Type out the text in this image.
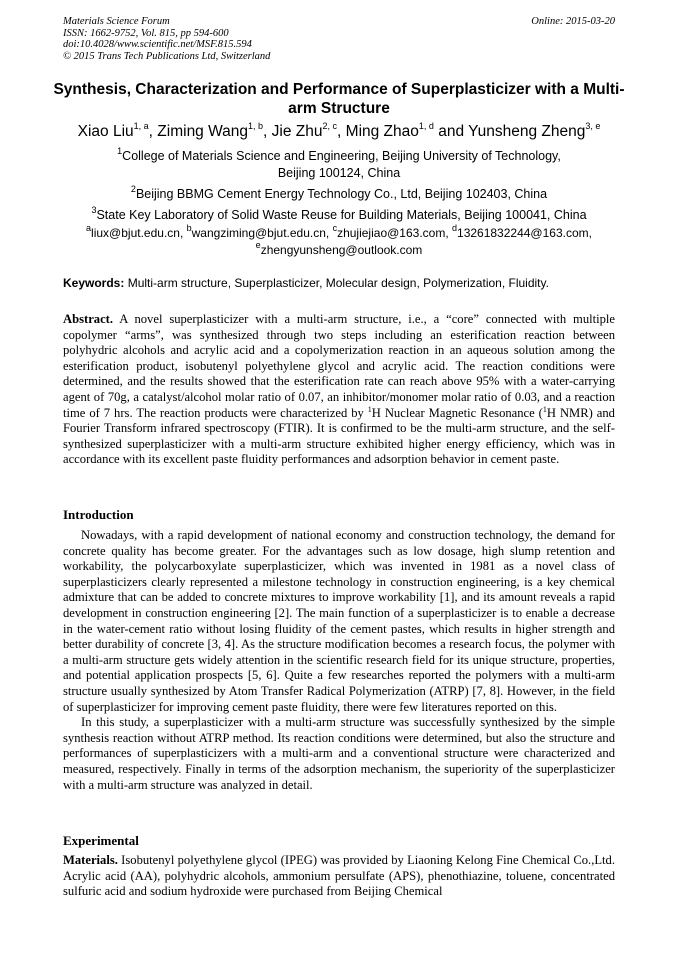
Materials Science Forum
ISSN: 1662-9752, Vol. 815, pp 594-600
doi:10.4028/www.scientific.net/MSF.815.594
© 2015 Trans Tech Publications Ltd, Switzerland
Online: 2015-03-20
Synthesis, Characterization and Performance of Superplasticizer with a Multi-arm Structure
Xiao Liu$^{1, a}$, Ziming Wang$^{1, b}$, Jie Zhu$^{2, c}$, Ming Zhao$^{1, d}$ and Yunsheng Zheng$^{3, e}$
$^1$College of Materials Science and Engineering, Beijing University of Technology,
Beijing 100124, China
$^2$Beijing BBMG Cement Energy Technology Co., Ltd, Beijing 102403, China
$^3$State Key Laboratory of Solid Waste Reuse for Building Materials, Beijing 100041, China
$^a$liux@bjut.edu.cn, $^b$wangziming@bjut.edu.cn, $^c$zhujiejiao@163.com, $^d$13261832244@163.com,
$^e$zhengyunsheng@outlook.com
Keywords: Multi-arm structure, Superplasticizer, Molecular design, Polymerization, Fluidity.

Abstract. A novel superplasticizer with a multi-arm structure, i.e., a “core” connected with multiple copolymer “arms”, was synthesized through two steps including an esterification reaction between polyhydric alcohols and acrylic acid and a copolymerization reaction in an aqueous solution among the esterification product, isobutenyl polyethylene glycol and acrylic acid. The reaction conditions were determined, and the results showed that the esterification rate can reach above 95% with a water-carrying agent of 70g, a catalyst/alcohol molar ratio of 0.07, an inhibitor/monomer molar ratio of 0.03, and a reaction time of 7 hrs. The reaction products were characterized by $^1$H Nuclear Magnetic Resonance ($^1$H NMR) and Fourier Transform infrared spectroscopy (FTIR). It is confirmed to be the multi-arm structure, and the self-synthesized superplasticizer with a multi-arm structure exhibited higher energy efficiency, which was in accordance with its excellent paste fluidity performances and adsorption behavior in cement paste.

Introduction

Nowadays, with a rapid development of national economy and construction technology, the demand for concrete quality has become greater. For the advantages such as low dosage, high slump retention and workability, the polycarboxylate superplasticizer, which was invented in 1981 as a novel class of superplasticizers clearly represented a milestone technology in construction engineering, is a key chemical admixture that can be added to concrete mixtures to improve workability [1], and its amount reveals a rapid development in construction engineering [2]. The main function of a superplasticizer is to enable a decrease in the water-cement ratio without losing fluidity of the cement pastes, which results in higher strength and better durability of concrete [3, 4]. As the structure modification becomes a research focus, the polymer with a multi-arm structure gets widely attention in the scientific research field for its unique structure, properties, and potential application prospects [5, 6]. Quite a few researches reported the polymers with a multi-arm structure usually synthesized by Atom Transfer Radical Polymerization (ATRP) [7, 8]. However, in the field of superplasticizer for improving cement paste fluidity, there were few literatures reported on this.

In this study, a superplasticizer with a multi-arm structure was successfully synthesized by the simple synthesis reaction without ATRP method. Its reaction conditions were determined, but also the structure and performances of superplasticizers with a multi-arm and a conventional structure were characterized and measured, respectively. Finally in terms of the adsorption mechanism, the superiority of the superplasticizer with a multi-arm structure was analyzed in detail.

Experimental

Materials. Isobutenyl polyethylene glycol (IPEG) was provided by Liaoning Kelong Fine Chemical Co.,Ltd. Acrylic acid (AA), polyhydric alcohols, ammonium persulfate (APS), phenothiazine, toluene, concentrated sulfuric acid and sodium hydroxide were purchased from Beijing Chemical
